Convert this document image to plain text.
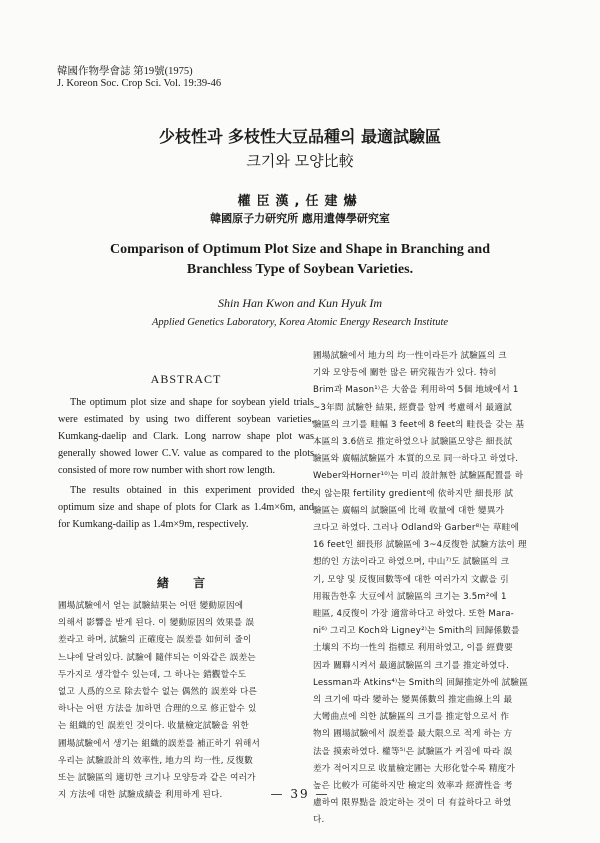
韓國作物學會誌 第19號(1975)
J. Koreon Soc. Crop Sci. Vol. 19:39-46
少枝性과 多枝性大豆品種의 最適試驗區
크기와 모양比較
權臣漢,任建爀
韓國原子力研究所 應用遺傳學研究室
Comparison of Optimum Plot Size and Shape in Branching and
Branchless Type of Soybean Varieties.
Shin Han Kwon and Kun Hyuk Im
Applied Genetics Laboratory, Korea Atomic Energy Research Institute
ABSTRACT

The optimum plot size and shape for soybean yield trials were estimated by using two different soybean varieties, Kumkang-daelip and Clark. Long narrow shape plot was generally showed lower C.V. value as compared to the plots consisted of more row number with short row length.

The results obtained in this experiment provided the optimum size and shape of plots for Clark as 1.4m×6m, and for Kumkang-dailip as 1.4m×9m, respectively.

緖 言
圃場試驗에서 얻는 試驗結果는 어떤 變動原因에
의해서 影響을 받게 된다. 이 變動原因의 效果를 誤
差라고 하며, 試驗의 正確度는 誤差를 如何히 줄이
느냐에 달려있다. 試驗에 隨伴되는 이와같은 誤差는
두가지로 생각할수 있는데, 그 하나는 錯觀할수도
없고 人爲的으로 除去할수 없는 偶然的 誤差와 다른
하나는 어떤 方法을 加하면 合理的으로 修正할수 있
는 組織的인 誤差인 것이다. 收量檢定試驗을 위한
圃場試驗에서 생기는 組織的誤差를 補正하기 위해서
우리는 試驗設計의 效率性, 地力의 均一性, 反復數
또는 試驗區의 適切한 크기나 모양등과 같은 여러가
지 方法에 대한 試驗成績을 利用하게 된다.
圃場試驗에서 地力의 均一性이라든가 試驗區의 크
기와 모양등에 關한 많은 硏究報告가 있다. 特히
Brim과 Mason¹⁾은 大쓤을 利用하여 5個 地域에서 1
~3年間 試驗한 結果, 經費를 함께 考慮해서 最適試
驗區의 크기를 畦幅 3 feet에 8 feet의 畦長을 갖는 基
本區의 3.6倍로 推定하였으나 試驗區모양은 細長試
驗區와 廣幅試驗區가 本質的으로 同一하다고 하였다.
Weber와Horner¹⁰⁾는 미리 設計無한 試驗區配置를 하
지 않는限 fertility gredient에 依하지만 細長形 試
驗區는 廣幅의 試驗區에 比해 收量에 대한 變異가
크다고 하였다. 그러나 Odland와 Garber⁸⁾는 草畦에
16 feet인 細長形 試驗區에 3~4反復한 試驗方法이 理
想的인 方法이라고 하였으며, 中山⁷⁾도 試驗區의 크
기, 모양 및 反復回數等에 대한 여러가지 文獻을 引
用報告한후 大豆에서 試驗區의 크기는 3.5m²에 1
畦區, 4反復이 가장 適當하다고 하였다. 또한 Mara-
ni⁶⁾ 그리고 Koch와 Ligney²⁾는 Smith의 回歸係數를
土壤의 不均一性의 指標로 利用하였고, 이를 經費要
因과 關聯시켜서 最適試驗區의 크기를 推定하였다.
Lessman과 Atkins⁴⁾는 Smith의 回歸推定外에 試驗區
의 크기에 따라 變하는 變異係數의 推定曲線上의 最
大彎曲点에 의한 試驗區의 크기를 推定함으로서 作
物의 圃場試驗에서 誤差를 最大限으로 적게 하는 方
法을 摸索하였다. 權等⁵⁾은 試驗區가 커짐에 따라 誤
差가 적어지므로 收量檢定圃는 大形化할수록 精度가
높은 比較가 可能하지만 檢定의 效率과 經濟性을 考
慮하여 限界點을 設定하는 것이 더 有益하다고 하였
다.
— 39 —
